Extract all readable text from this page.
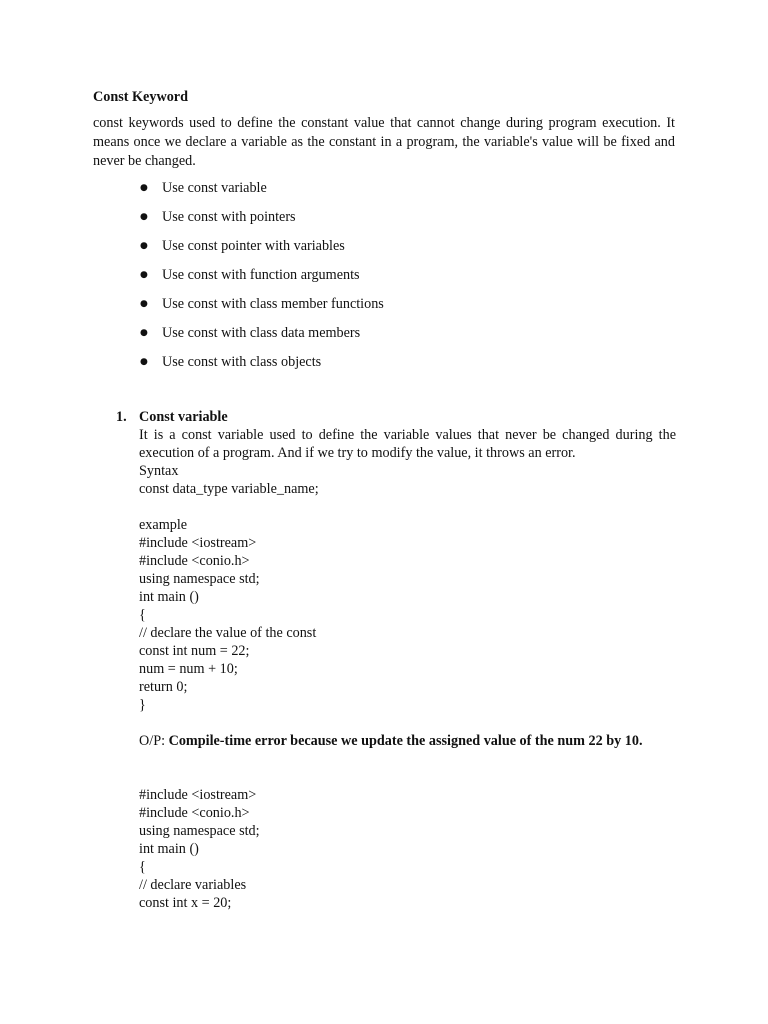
Const Keyword

const keywords used to define the constant value that cannot change during program execution. It means once we declare a variable as the constant in a program, the variable's value will be fixed and never be changed.

● Use const variable
● Use const with pointers
● Use const pointer with variables
● Use const with function arguments
● Use const with class member functions
● Use const with class data members
● Use const with class objects
1. Const variable
It is a const variable used to define the variable values that never be changed during the execution of a program. And if we try to modify the value, it throws an error.
Syntax
const data_type variable_name;
example
#include <iostream>
#include <conio.h>
using namespace std;
int main ()
{
// declare the value of the const
const int num = 22;
num = num + 10;
return 0;
}
O/P: Compile-time error because we update the assigned value of the num 22 by 10.
#include <iostream>
#include <conio.h>
using namespace std;
int main ()
{
// declare variables
const int x = 20;
